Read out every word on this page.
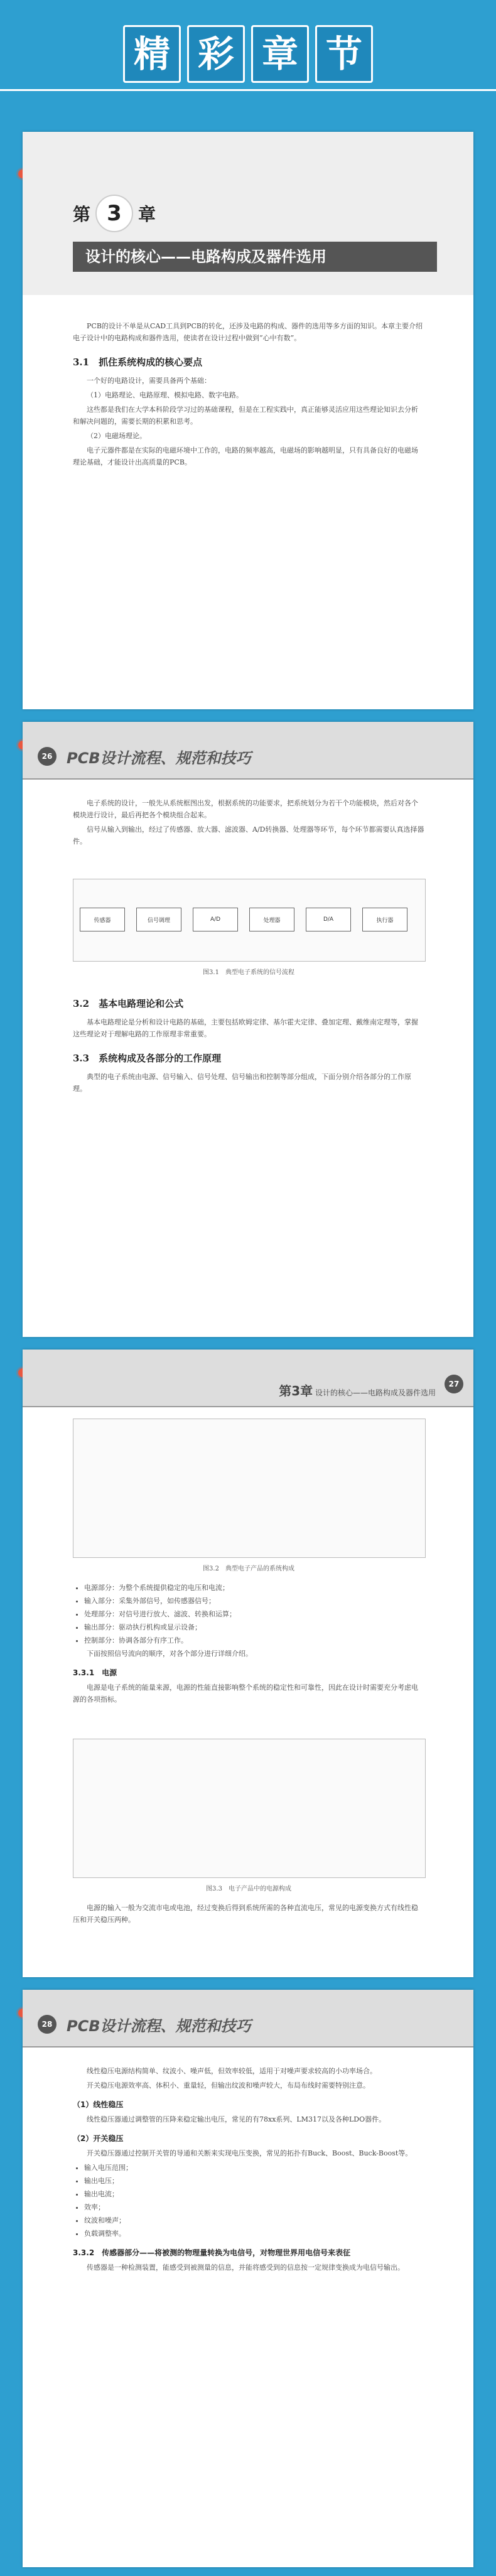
精 彩 章 节
第 3 章
设计的核心——电路构成及器件选用

PCB的设计不单是从CAD工具到PCB的转化，还涉及电路的构成、器件的选用等多方面的知识。本章主要介绍电子设计中的电路构成和器件选用，使读者在设计过程中做到“心中有数”。

3.1　抓住系统构成的核心要点

一个好的电路设计，需要具备两个基础：

（1）电路理论、电路原理、模拟电路、数字电路。

这些都是我们在大学本科阶段学习过的基础课程，但是在工程实践中，真正能够灵活应用这些理论知识去分析和解决问题的，需要长期的积累和思考。

（2）电磁场理论。

电子元器件都是在实际的电磁环境中工作的，电路的频率越高，电磁场的影响越明显，只有具备良好的电磁场理论基础，才能设计出高质量的PCB。

26 PCB设计流程、规范和技巧

电子系统的设计，一般先从系统框图出发，根据系统的功能要求，把系统划分为若干个功能模块，然后对各个模块进行设计，最后再把各个模块组合起来。

信号从输入到输出，经过了传感器、放大器、滤波器、A/D转换器、处理器等环节，每个环节都需要认真选择器件。

传感器	信号调理	A/D	处理器	D/A	执行器
图3.1　典型电子系统的信号流程
3.2　基本电路理论和公式

基本电路理论是分析和设计电路的基础，主要包括欧姆定律、基尔霍夫定律、叠加定理、戴维南定理等，掌握这些理论对于理解电路的工作原理非常重要。

3.3　系统构成及各部分的工作原理

典型的电子系统由电源、信号输入、信号处理、信号输出和控制等部分组成，下面分别介绍各部分的工作原理。

第3章 设计的核心——电路构成及器件选用
27
图3.2　典型电子产品的系统构成
• 电源部分：为整个系统提供稳定的电压和电流；
• 输入部分：采集外部信号，如传感器信号；
• 处理部分：对信号进行放大、滤波、转换和运算；
• 输出部分：驱动执行机构或显示设备；
• 控制部分：协调各部分有序工作。

下面按照信号流向的顺序，对各个部分进行详细介绍。

3.3.1　电源

电源是电子系统的能量来源，电源的性能直接影响整个系统的稳定性和可靠性，因此在设计时需要充分考虑电源的各项指标。

图3.3　电子产品中的电源构成

电源的输入一般为交流市电或电池，经过变换后得到系统所需的各种直流电压，常见的电源变换方式有线性稳压和开关稳压两种。

28 PCB设计流程、规范和技巧

线性稳压电源结构简单、纹波小、噪声低，但效率较低，适用于对噪声要求较高的小功率场合。

开关稳压电源效率高、体积小、重量轻，但输出纹波和噪声较大，布局布线时需要特别注意。

（1）线性稳压

线性稳压器通过调整管的压降来稳定输出电压，常见的有78xx系列、LM317以及各种LDO器件。

（2）开关稳压

开关稳压器通过控制开关管的导通和关断来实现电压变换，常见的拓扑有Buck、Boost、Buck-Boost等。

• 输入电压范围；
• 输出电压；
• 输出电流；
• 效率；
• 纹波和噪声；
• 负载调整率。
3.3.2　传感器部分——将被测的物理量转换为电信号，对物理世界用电信号来表征

传感器是一种检测装置，能感受到被测量的信息，并能将感受到的信息按一定规律变换成为电信号输出。
